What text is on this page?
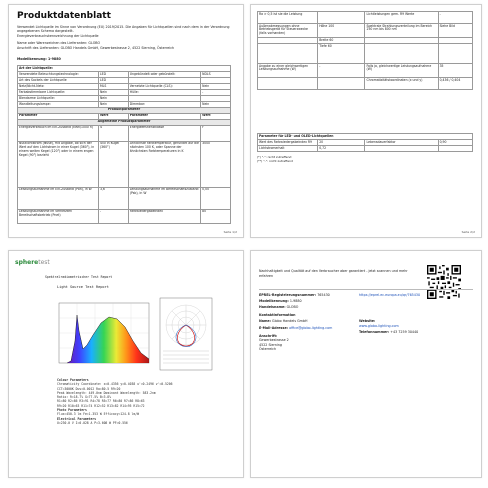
Produktdatenblatt
Verwendet Lichtquelle im Sinne von Verordnung (EU) 2019/2015. Die Angaben für Lichtquellen sind nach dem in der Verordnung angegebenen Schema dargestellt.
Energieverbrauchskennzeichnung der Lichtquelle
Name oder Warenzeichen des Lieferanten: GLOBO
Anschrift des Lieferanten: GLOBO Handels GmbH, Gewerbestrasse 2, 4522 Sierning, Österreich
Modellkennung: 1-9880
Art der Lichtquelle:			
Verwendete Beleuchtungstechnologie:	LED	Ungebündelt oder gebündelt:	NDLS
Art des Sockels der Lichtquelle	LED		
Netz/Nicht-Netz:	MLS	Vernetzte Lichtquelle (CLS):	Nein
Farbabstimmbare Lichtquelle:	Nein	Hülle:	-
Blendarme Lichtquelle:	Nein		
Wandleitungslampe:	Nein	Dimmbar:	Nein
Produktparameter			
Parameter	Wert	Parameter	Wert
Allgemeine Produktparameter			
Energieverbrauch im Ein-Zustand (kWh/1000 h)	4	Energieeffizienzklasse	F
Nutzlichtstrom (Φuse), mit Angabe, ob sich der Wert auf den Lichtstrom in einer Kugel (360°), in einem weiten Kegel (120°) oder in einem engen Kegel (90°) bezieht	450 in Kugel (360°)	Ähnlichste Farbtemperatur, gerundet auf die nächsten 100 K, oder Spanne der ähnlichsten Farbtemperaturen in K	3000
Leistungsaufnahme im Ein-Zustand (Pon), in W	3,6	Leistungsaufnahme im Bereitschaftszustand (Psb), in W	0,00
Leistungsaufnahme im vernetzten Bereitschaftsbetrieb (Pnet)	-	Farbwiedergabeindex	80
Seite 1/2
Ra > 0,5 ist sie die Leistung		Lichtleistungen gem. R9 Werte	-
Außenabmessungen ohne Betriebsgerät für Steuerzwecke (falls vorhanden)	Höhe 100	Spektrale Strahlungsverteilung im Bereich 250 nm bis 800 nm	Siehe Bild
	Breite 60		
	Tiefe 60		
Angabe zu einer gleichwertigen Leistungsaufnahme (W)	-	Falls ja, gleichwertige Leistungsaufnahme (W)	35
		Chromatizitätskoordinaten (x und y)	0,436 / 0,404
Parameter für LED- und OLED-Lichtquellen			
Wert des Farbwiedergabeindex R9	20	Lebensdauerfaktor	0,90
Lichtstromerhalt	0,72		
(*) "-": nicht zutreffend
(**) "-": nicht zutreffend
Seite 2/2
spheretest
Spektralradiometrischer Test Report
Light Source Test Report
Colour Parameters
Chromaticity Coordinate: x=0.4356 y=0.4038 u'=0.2496 v'=0.5206
CCT=3000K Duv=0.0012 Ra=80.5 R9=20
Peak Wavelength: 449.0nm Dominant Wavelength: 583.2nm
Ratio: R=18.7% G=77.5% B=3.8%
R1=80 R2=86 R3=91 R4=78 R5=77 R6=80 R7=86 R8=63
R9=20 R10=63 R11=74 R12=52 R13=82 R14=95 R15=72
Photo Parameters
Flux=450.3 lm Fe=1.353 W Efficacy=124.8 lm/W
Electrical Parameters
U=230.0 V I=0.028 A P=3.608 W PF=0.556
Nachhaltigkeit und Qualität auf den Verbraucher aber garantiert - jetzt scannen und mehr erfahren
EPREL-Registrierungsnummer: 765430	https://eprel.ec.europa.eu/qr/765430
Modellkennung: 1-9880
Handelsname: GLOBO
Kontaktinformation
Name: Globo Handels GmbH	Website:
www.globo-lighting.com
E-Mail-Adresse: office@globo-lighting.com
Telefonnummer: +43 7259 30440
Anschrift:
Gewerbestrasse 2
4522 Sierning
Österreich
